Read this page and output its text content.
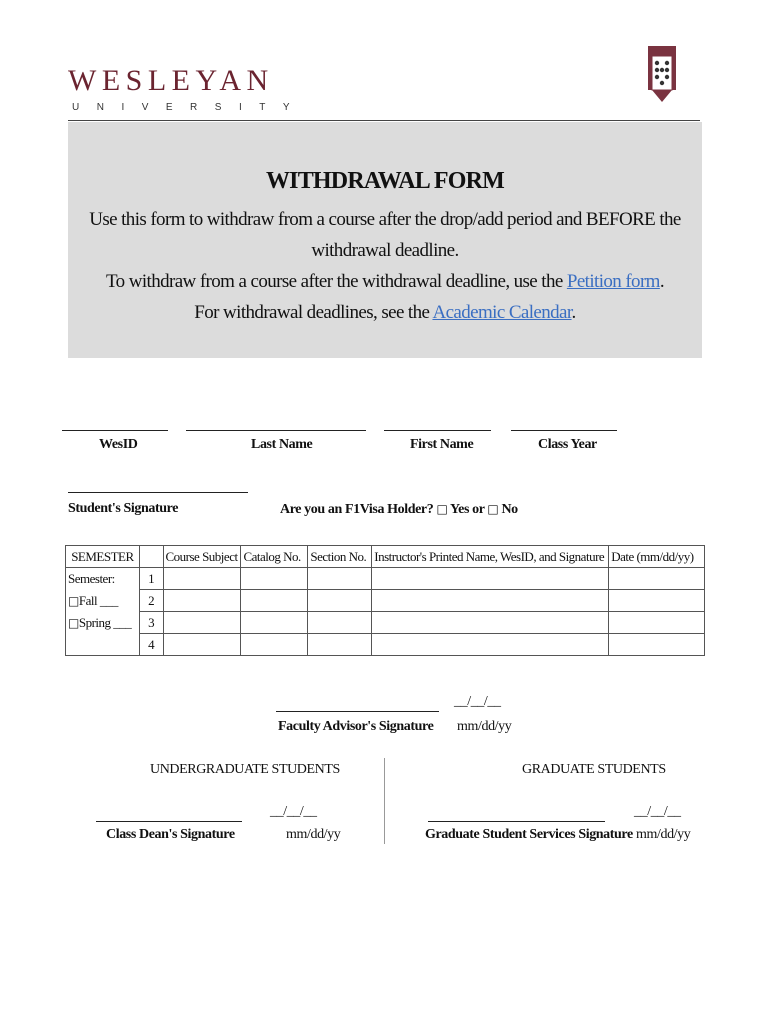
WESLEYAN
UNIVERSITY
WITHDRAWAL FORM

Use this form to withdraw from a course after the drop/add period and BEFORE the withdrawal deadline.

To withdraw from a course after the withdrawal deadline, use the Petition form.

For withdrawal deadlines, see the Academic Calendar.

WesID	Last Name	First Name	Class Year
Student's Signature	Are you an F1Visa Holder? □ Yes or □ No
SEMESTER		Course Subject	Catalog No.	Section No.	Instructor's Printed Name, WesID, and Signature	Date (mm/dd/yy)
Semester:	1					
□Fall ___	2					
□Spring ___	3					
	4					
__/__/__
Faculty Advisor's Signature mm/dd/yy
UNDERGRADUATE STUDENTS
__/__/__
Class Dean's Signature	mm/dd/yy
GRADUATE STUDENTS
__/__/__
Graduate Student Services Signature mm/dd/yy
